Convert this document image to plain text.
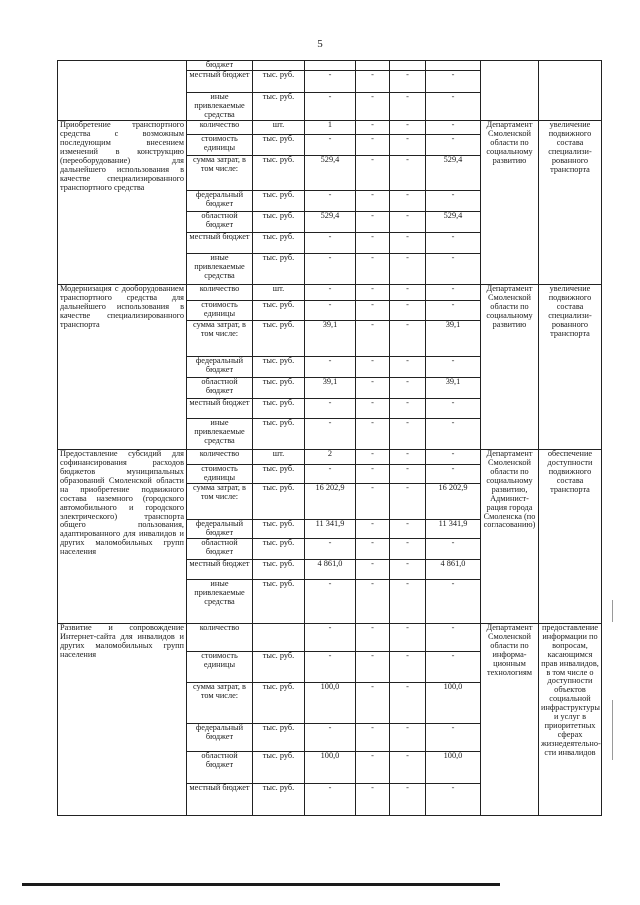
5
	бюджет							
	местный бюджет	тыс. руб.	-	-	-	-		
	иные привлекаемые средства	тыс. руб.	-	-	-	-		
Приобретение транспортного средства с возможным последующим внесением изменений в конструкцию (переоборудование) для дальнейшего использования в качестве специализированного транспортного средства	количество	шт.	1	-	-	-	Департамент Смоленской области по социальному развитию	увеличение подвижного состава специализи-рованного транспорта
	стоимость единицы	тыс. руб.	-	-	-	-		
	сумма затрат, в том числе:	тыс. руб.	529,4	-	-	529,4		
	федеральный бюджет	тыс. руб.	-	-	-	-		
	областной бюджет	тыс. руб.	529,4	-	-	529,4		
	местный бюджет	тыс. руб.	-	-	-	-		
	иные привлекаемые средства	тыс. руб.	-	-	-	-		
Модернизация с дооборудованием транспортного средства для дальнейшего использования в качестве специализированного транспорта	количество	шт.	-	-	-	-	Департамент Смоленской области по социальному развитию	увеличение подвижного состава специализи-рованного транспорта
	стоимость единицы	тыс. руб.	-	-	-	-		
	сумма затрат, в том числе:	тыс. руб.	39,1	-	-	39,1		
	федеральный бюджет	тыс. руб.	-	-	-	-		
	областной бюджет	тыс. руб.	39,1	-	-	39,1		
	местный бюджет	тыс. руб.	-	-	-	-		
	иные привлекаемые средства	тыс. руб.	-	-	-	-		
Предоставление субсидий для софинансирования расходов бюджетов муниципальных образований Смоленской области на приобретение подвижного состава наземного (городского автомобильного и городского электрического) транспорта общего пользования, адаптированного для инвалидов и других маломобильных групп населения	количество	шт.	2	-	-	-	Департамент Смоленской области по социальному развитию, Админист-рация города Смоленска (по согласованию)	обеспечение доступности подвижного состава транспорта
	стоимость единицы	тыс. руб.	-	-	-	-		
	сумма затрат, в том числе:	тыс. руб.	16 202,9	-	-	16 202,9		
	федеральный бюджет	тыс. руб.	11 341,9	-	-	11 341,9		
	областной бюджет	тыс. руб.	-	-	-	-		
	местный бюджет	тыс. руб.	4 861,0	-	-	4 861,0		
	иные привлекаемые средства	тыс. руб.	-	-	-	-		
Развитие и сопровождение Интернет-сайта для инвалидов и других маломобильных групп населения	количество		-	-	-	-	Департамент Смоленской области по информа-ционным технологиям	предоставление информации по вопросам, касающимся прав инвалидов, в том числе о доступности объектов социальной инфраструктуры и услуг в приоритетных сферах жизнедеятельно-сти инвалидов
	стоимость единицы	тыс. руб.	-	-	-	-		
	сумма затрат, в том числе:	тыс. руб.	100,0	-	-	100,0		
	федеральный бюджет	тыс. руб.	-	-	-	-		
	областной бюджет	тыс. руб.	100,0	-	-	100,0		
	местный бюджет	тыс. руб.	-	-	-	-		
